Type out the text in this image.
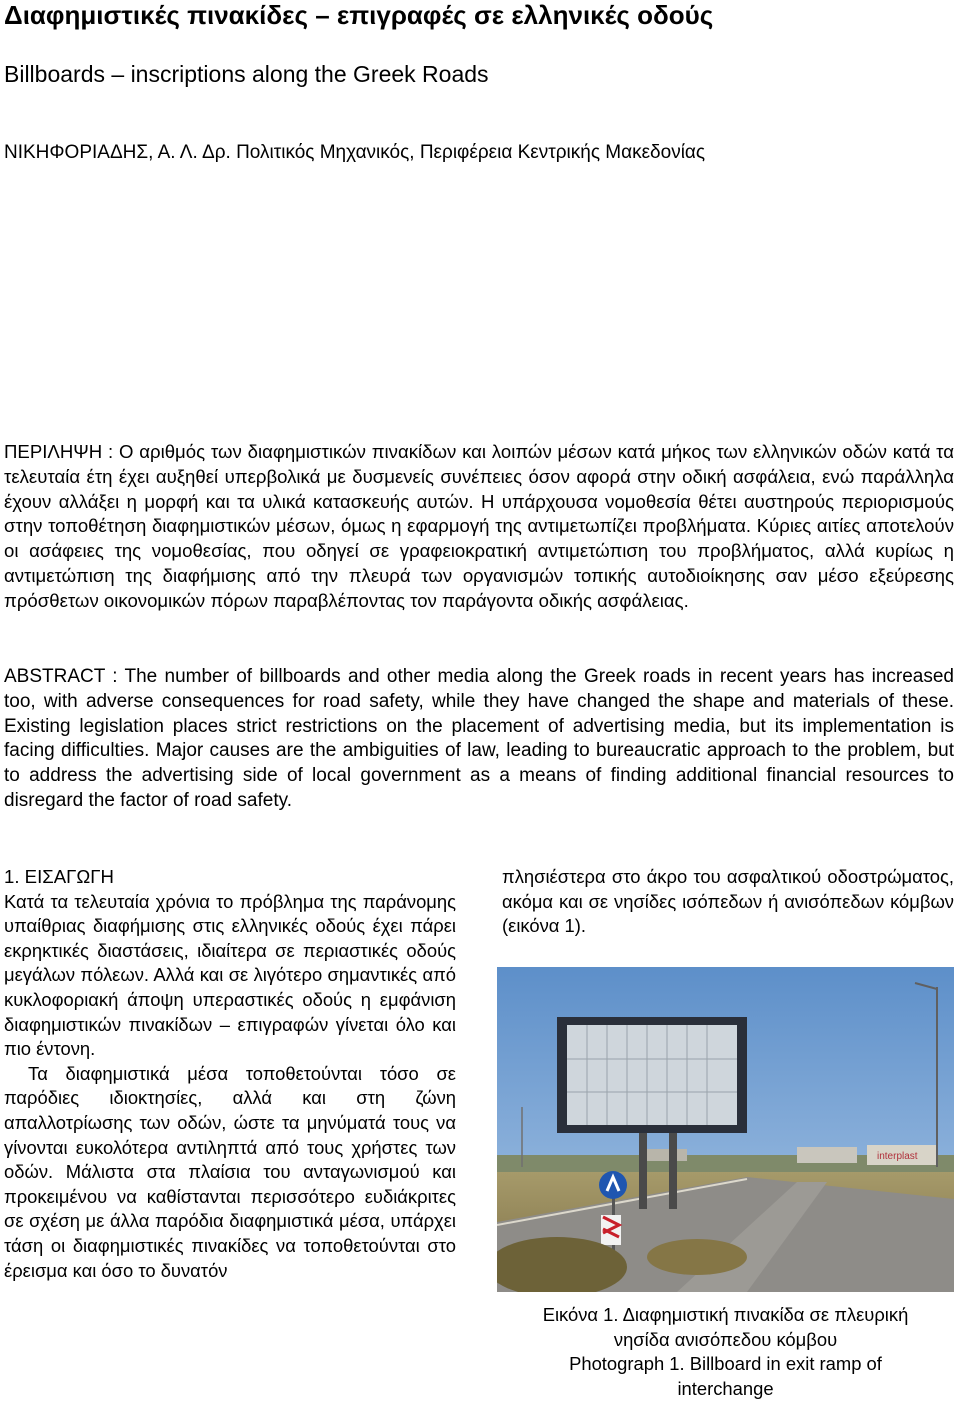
Διαφημιστικές πινακίδες – επιγραφές σε ελληνικές οδούς
Billboards – inscriptions along the Greek Roads
ΝΙΚΗΦΟΡΙΑΔΗΣ, Α. Λ. Δρ. Πολιτικός Μηχανικός, Περιφέρεια Κεντρικής Μακεδονίας
ΠΕΡΙΛΗΨΗ : Ο αριθμός των διαφημιστικών πινακίδων και λοιπών μέσων κατά μήκος των ελληνικών οδών κατά τα τελευταία έτη έχει αυξηθεί υπερβολικά με δυσμενείς συνέπειες όσον αφορά στην οδική ασφάλεια, ενώ παράλληλα έχουν αλλάξει η μορφή και τα υλικά κατασκευής αυτών. Η υπάρχουσα νομοθεσία θέτει αυστηρούς περιορισμούς στην τοποθέτηση διαφημιστικών μέσων, όμως η εφαρμογή της αντιμετωπίζει προβλήματα. Κύριες αιτίες αποτελούν οι ασάφειες της νομοθεσίας, που οδηγεί σε γραφειοκρατική αντιμετώπιση του προβλήματος, αλλά κυρίως η αντιμετώπιση της διαφήμισης από την πλευρά των οργανισμών τοπικής αυτοδιοίκησης σαν μέσο εξεύρεσης πρόσθετων οικονομικών πόρων παραβλέποντας τον παράγοντα οδικής ασφάλειας.
ABSTRACT : The number of billboards and other media along the Greek roads in recent years has increased too, with adverse consequences for road safety, while they have changed the shape and materials of these. Existing legislation places strict restrictions on the placement of advertising media, but its implementation is facing difficulties. Major causes are the ambiguities of law, leading to bureaucratic approach to the problem, but to address the advertising side of local government as a means of finding additional financial resources to disregard the factor of road safety.

1. ΕΙΣΑΓΩΓΗ

Κατά τα τελευταία χρόνια το πρόβλημα της παράνομης υπαίθριας διαφήμισης στις ελληνικές οδούς έχει πάρει εκρηκτικές διαστάσεις, ιδιαίτερα σε περιαστικές οδούς μεγάλων πόλεων. Αλλά και σε λιγότερο σημαντικές από κυκλοφοριακή άποψη υπεραστικές οδούς η εμφάνιση διαφημιστικών πινακίδων – επιγραφών γίνεται όλο και πιο έντονη.

Τα διαφημιστικά μέσα τοποθετούνται τόσο σε παρόδιες ιδιοκτησίες, αλλά και στη ζώνη απαλλοτρίωσης των οδών, ώστε τα μηνύματά τους να γίνονται ευκολότερα αντιληπτά από τους χρήστες των οδών. Μάλιστα στα πλαίσια του ανταγωνισμού και προκειμένου να καθίστανται περισσότερο ευδιάκριτες σε σχέση με άλλα παρόδια διαφημιστικά μέσα, υπάρχει τάση οι διαφημιστικές πινακίδες να τοποθετούνται στο έρεισμα και όσο το δυνατόν

πλησιέστερα στο άκρο του ασφαλτικού οδοστρώματος, ακόμα και σε νησίδες ισόπεδων ή ανισόπεδων κόμβων (εικόνα 1).

interplast
Εικόνα 1. Διαφημιστική πινακίδα σε πλευρική
νησίδα ανισόπεδου κόμβου
Photograph 1. Billboard in exit ramp of
interchange
